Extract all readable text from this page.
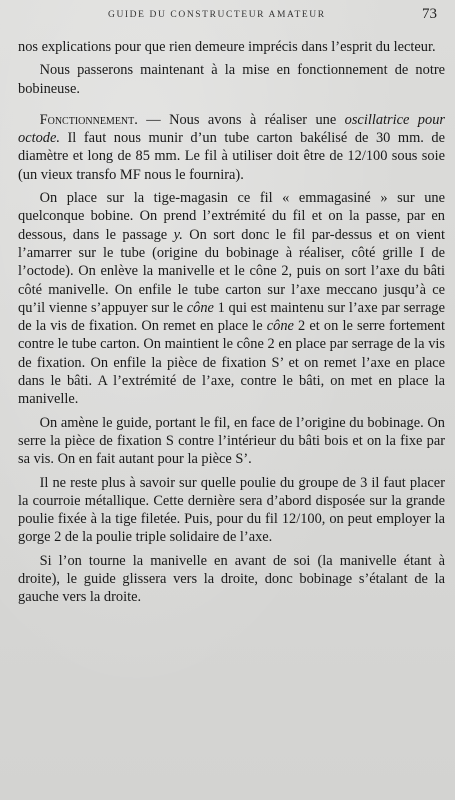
GUIDE DU CONSTRUCTEUR AMATEUR	73

nos explications pour que rien demeure imprécis dans l’esprit du lecteur.

Nous passerons maintenant à la mise en fonctionnement de notre bobineuse.

Fonctionnement. — Nous avons à réaliser une oscillatrice pour octode. Il faut nous munir d’un tube carton bakélisé de 30 mm. de diamètre et long de 85 mm. Le fil à utiliser doit être de 12/100 sous soie (un vieux transfo MF nous le fournira).

On place sur la tige-magasin ce fil « emmagasiné » sur une quelconque bobine. On prend l’extrémité du fil et on la passe, par en dessous, dans le passage y. On sort donc le fil par-dessus et on vient l’amarrer sur le tube (origine du bobinage à réaliser, côté grille I de l’octode). On enlève la manivelle et le cône 2, puis on sort l’axe du bâti côté manivelle. On enfile le tube carton sur l’axe meccano jusqu’à ce qu’il vienne s’appuyer sur le cône 1 qui est maintenu sur l’axe par serrage de la vis de fixation. On remet en place le cône 2 et on le serre fortement contre le tube carton. On maintient le cône 2 en place par serrage de la vis de fixation. On enfile la pièce de fixation S’ et on remet l’axe en place dans le bâti. A l’extrémité de l’axe, contre le bâti, on met en place la manivelle.

On amène le guide, portant le fil, en face de l’origine du bobinage. On serre la pièce de fixation S contre l’intérieur du bâti bois et on la fixe par sa vis. On en fait autant pour la pièce S’.

Il ne reste plus à savoir sur quelle poulie du groupe de 3 il faut placer la courroie métallique. Cette dernière sera d’abord disposée sur la grande poulie fixée à la tige filetée. Puis, pour du fil 12/100, on peut employer la gorge 2 de la poulie triple solidaire de l’axe.

Si l’on tourne la manivelle en avant de soi (la manivelle étant à droite), le guide glissera vers la droite, donc bobinage s’étalant de la gauche vers la droite.
